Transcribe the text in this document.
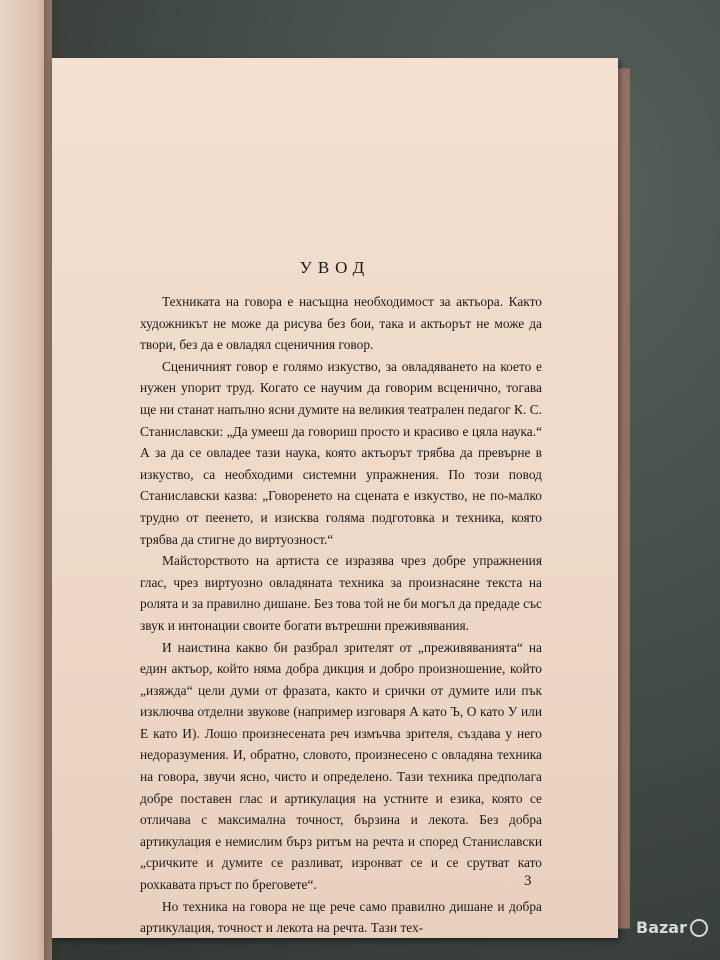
УВОД

Техниката на говора е насъщна необходимост за актьора. Както художникът не може да рисува без бои, така и актьорът не може да твори, без да е овладял сценичния говор.

Сценичният говор е голямо изкуство, за овладяването на което е нужен упорит труд. Когато се научим да говорим всценично, тогава ще ни станат напълно ясни думите на великия театрален педагог К. С. Станиславски: „Да умееш да говориш просто и красиво е цяла наука.“ А за да се овладее тази наука, която актьорът трябва да превърне в изкуство, са необходими системни упражнения. По този повод Станиславски казва: „Говоренето на сцената е изкуство, не по-малко трудно от пеенето, и изисква голяма подготовка и техника, която трябва да стигне до виртуозност.“

Майсторството на артиста се изразява чрез добре упражнения глас, чрез виртуозно овладяната техника за произнасяне текста на ролята и за правилно дишане. Без това той не би могъл да предаде със звук и интонации своите богати вътрешни преживявания.

И наистина какво би разбрал зрителят от „преживяванията“ на един актьор, който няма добра дикция и добро произношение, който „изяжда“ цели думи от фразата, както и срички от думите или пък изключва отделни звукове (например изговаря А като Ъ, О като У или Е като И). Лошо произнесената реч измъчва зрителя, създава у него недоразумения. И, обратно, словото, произнесено с овладяна техника на говора, звучи ясно, чисто и определено. Тази техника предполага добре поставен глас и артикулация на устните и езика, която се отличава с максимална точност, бързина и лекота. Без добра артикулация е немислим бърз ритъм на речта и според Станиславски „сричките и думите се разливат, изронват се и се срутват като рохкавата пръст по бреговете“.

Но техника на говора не ще рече само правилно дишане и добра артикулация, точност и лекота на речта. Тази тех-

3
Bazar
